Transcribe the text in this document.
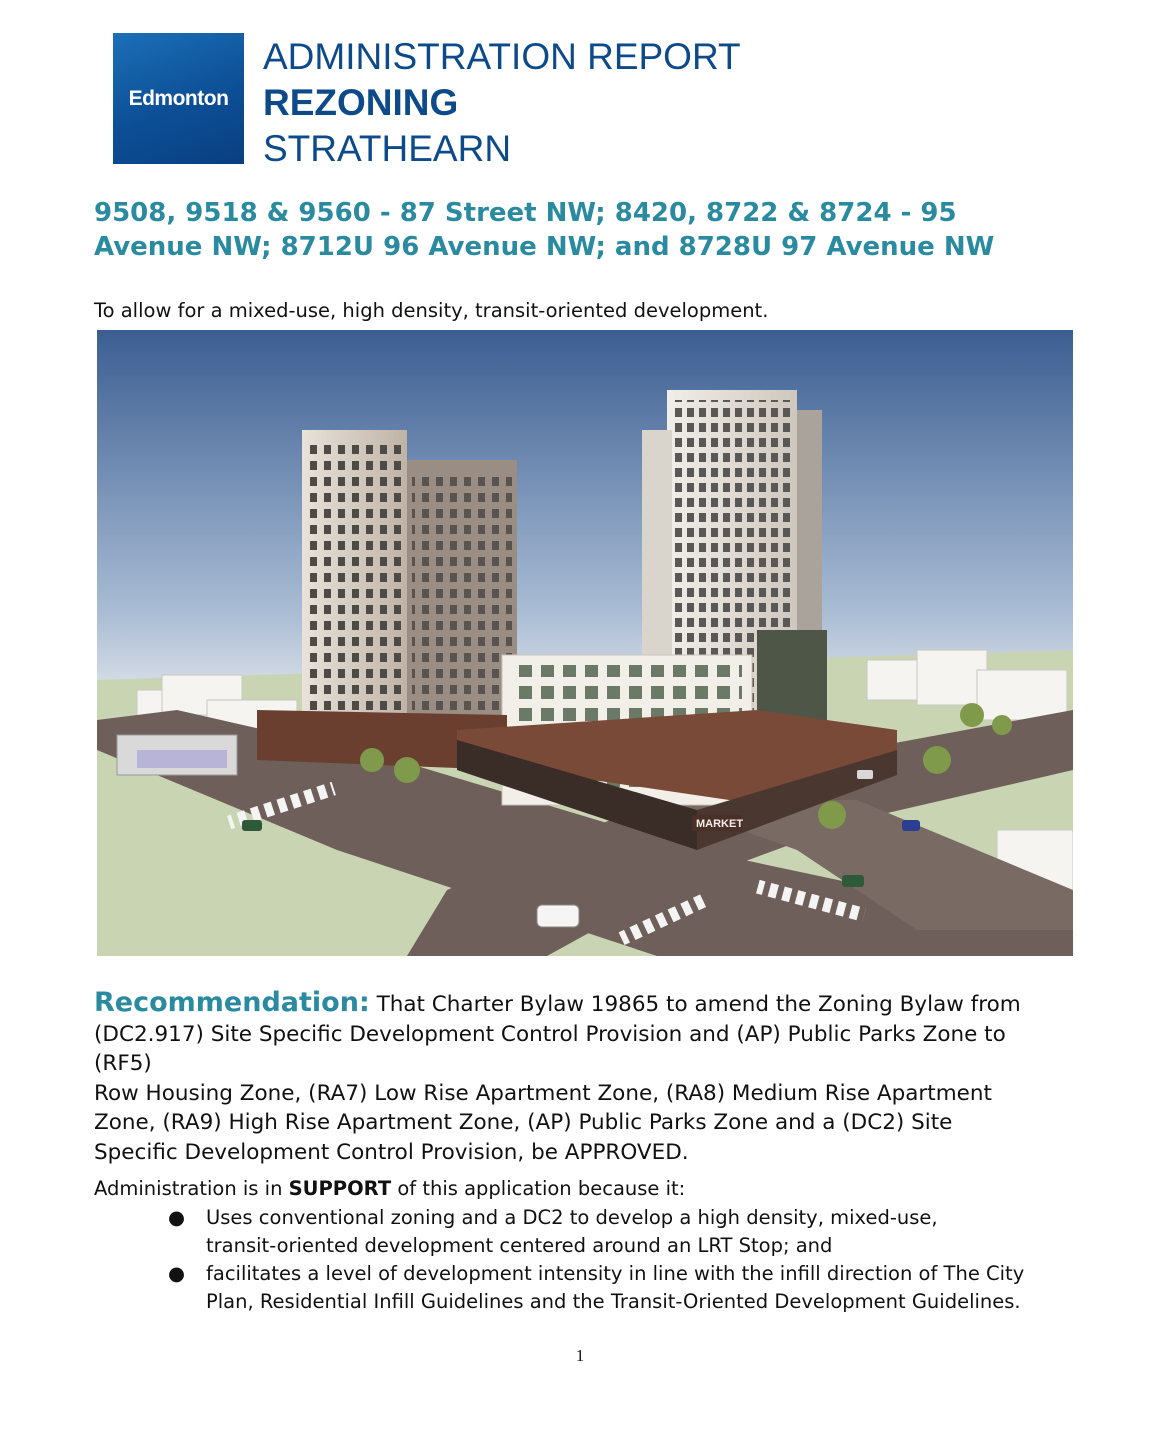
Edmonton
ADMINISTRATION REPORT
REZONING
STRATHEARN
9508, 9518 & 9560 - 87 Street NW; 8420, 8722 & 8724 - 95
Avenue NW; 8712U 96 Avenue NW; and 8728U 97 Avenue NW
To allow for a mixed-use, high density, transit-oriented development.
MARKET
Recommendation: That Charter Bylaw 19865 to amend the Zoning Bylaw from
(DC2.917) Site Specific Development Control Provision and (AP) Public Parks Zone to (RF5)
Row Housing Zone, (RA7) Low Rise Apartment Zone, (RA8) Medium Rise Apartment
Zone, (RA9) High Rise Apartment Zone, (AP) Public Parks Zone and a (DC2) Site
Specific Development Control Provision, be APPROVED.
Administration is in SUPPORT of this application because it:
● Uses conventional zoning and a DC2 to develop a high density, mixed-use,
transit-oriented development centered around an LRT Stop; and
● facilitates a level of development intensity in line with the infill direction of The City
Plan, Residential Infill Guidelines and the Transit-Oriented Development Guidelines.
1
